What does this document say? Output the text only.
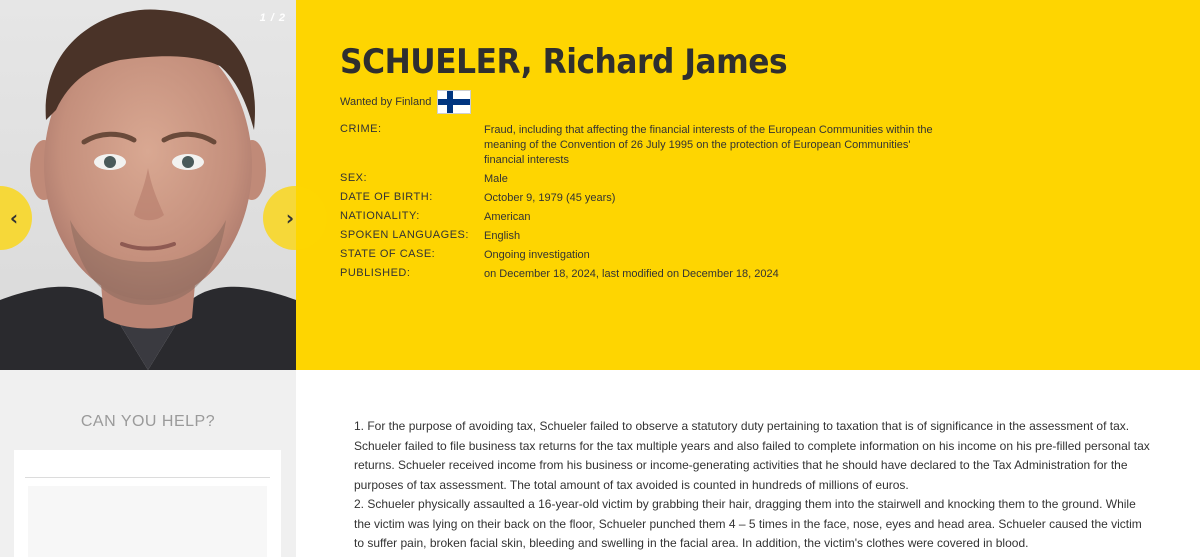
1 / 2
‹	›
SCHUELER, Richard James
Wanted by Finland
CRIME:	Fraud, including that affecting the financial interests of the European Communities within the meaning of the Convention of 26 July 1995 on the protection of European Communities' financial interests
SEX:	Male
DATE OF BIRTH:	October 9, 1979 (45 years)
NATIONALITY:	American
SPOKEN LANGUAGES:	English
STATE OF CASE:	Ongoing investigation
PUBLISHED:	on December 18, 2024, last modified on December 18, 2024
CAN YOU HELP?	1. For the purpose of avoiding tax, Schueler failed to observe a statutory duty pertaining to taxation that is of significance in the assessment of tax. Schueler failed to file business tax returns for the tax multiple years and also failed to complete information on his income on his pre-filled personal tax returns. Schueler received income from his business or income-generating activities that he should have declared to the Tax Administration for the purposes of tax assessment. The total amount of tax avoided is counted in hundreds of millions of euros.

2. Schueler physically assaulted a 16-year-old victim by grabbing their hair, dragging them into the stairwell and knocking them to the ground. While the victim was lying on their back on the floor, Schueler punched them 4 – 5 times in the face, nose, eyes and head area. Schueler caused the victim to suffer pain, broken facial skin, bleeding and swelling in the facial area. In addition, the victim's clothes were covered in blood.
